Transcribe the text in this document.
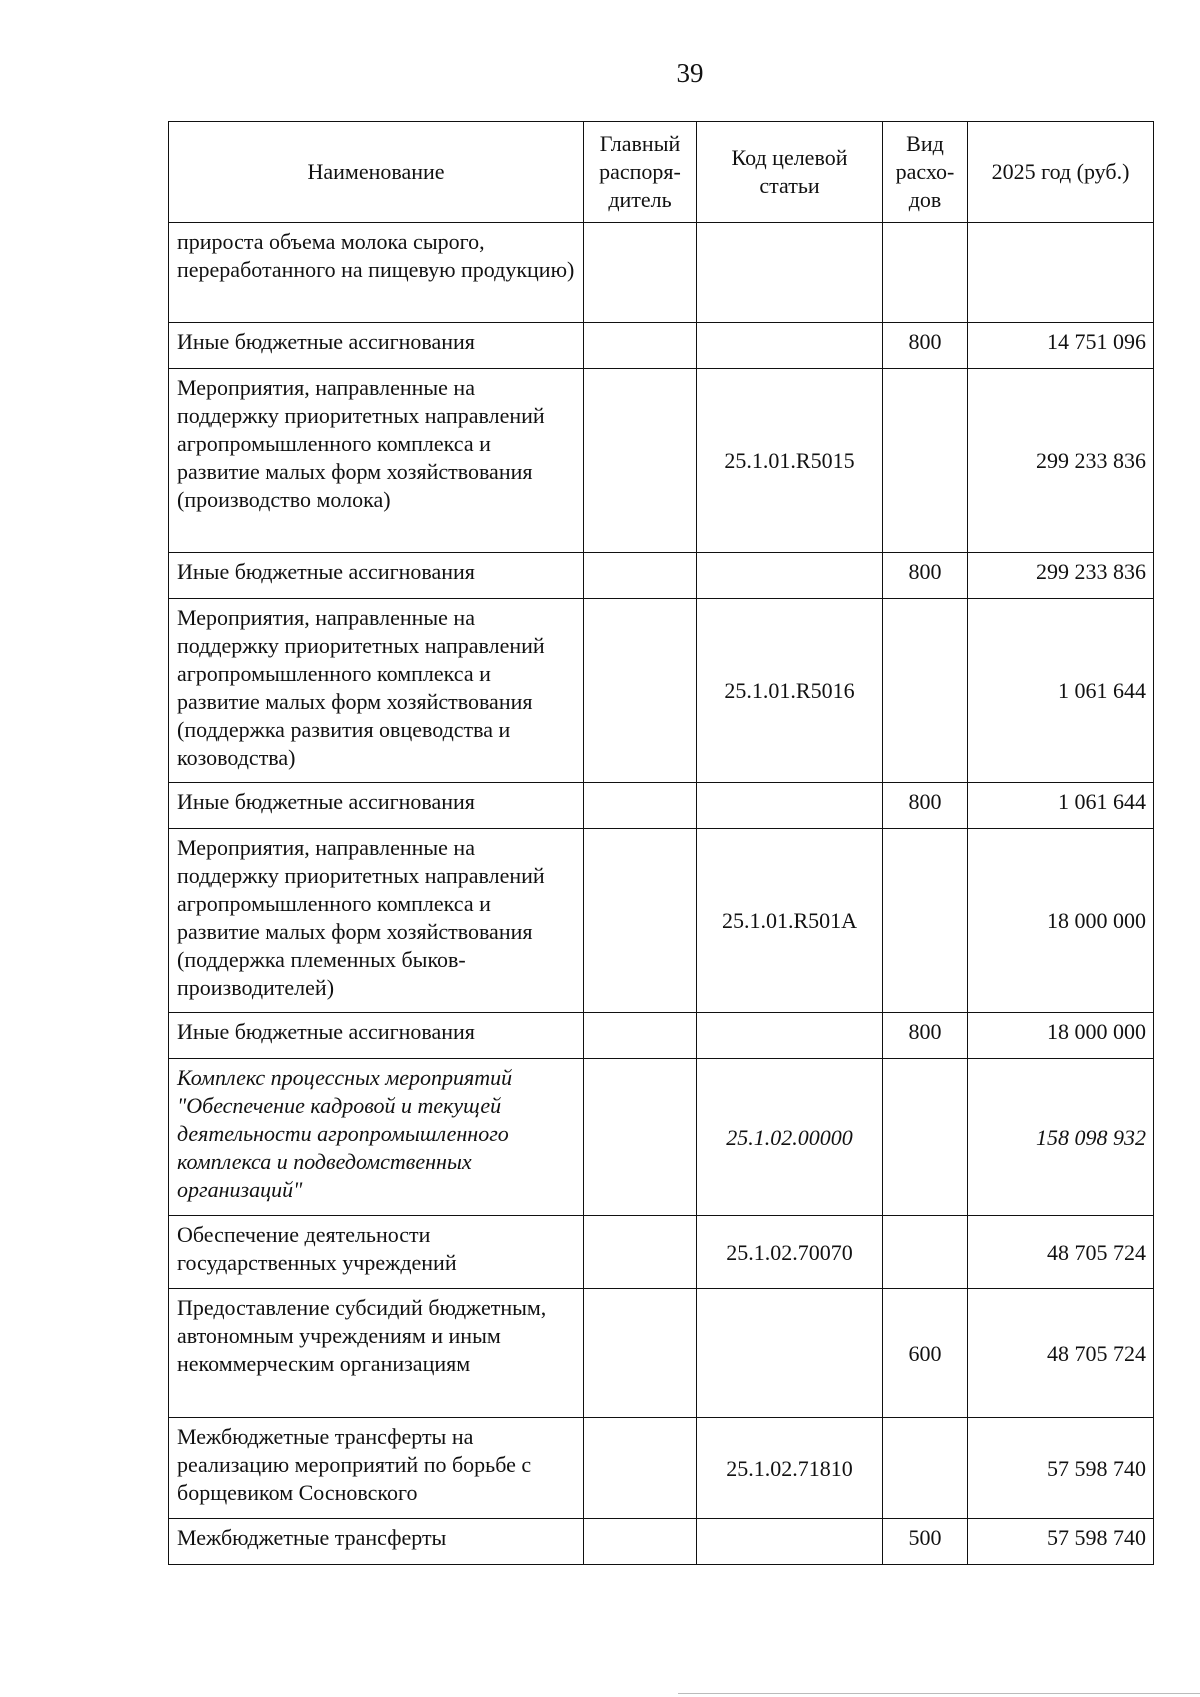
39
Наименование	Главный распоря-дитель	Код целевой статьи	Вид расхо-дов	2025 год (руб.)
прироста объема молока сырого, переработанного на пищевую продукцию)				
Иные бюджетные ассигнования			800	14 751 096
Мероприятия, направленные на поддержку приоритетных направлений агропромышленного комплекса и развитие малых форм хозяйствования (производство молока)		25.1.01.R5015		299 233 836
Иные бюджетные ассигнования			800	299 233 836
Мероприятия, направленные на поддержку приоритетных направлений агропромышленного комплекса и развитие малых форм хозяйствования (поддержка развития овцеводства и козоводства)		25.1.01.R5016		1 061 644
Иные бюджетные ассигнования			800	1 061 644
Мероприятия, направленные на поддержку приоритетных направлений агропромышленного комплекса и развитие малых форм хозяйствования (поддержка племенных быков-производителей)		25.1.01.R501A		18 000 000
Иные бюджетные ассигнования			800	18 000 000
Комплекс процессных мероприятий "Обеспечение кадровой и текущей деятельности агропромышленного комплекса и подведомственных организаций"		25.1.02.00000		158 098 932
Обеспечение деятельности государственных учреждений		25.1.02.70070		48 705 724
Предоставление субсидий бюджетным, автономным учреждениям и иным некоммерческим организациям			600	48 705 724
Межбюджетные трансферты на реализацию мероприятий по борьбе с борщевиком Сосновского		25.1.02.71810		57 598 740
Межбюджетные трансферты			500	57 598 740
